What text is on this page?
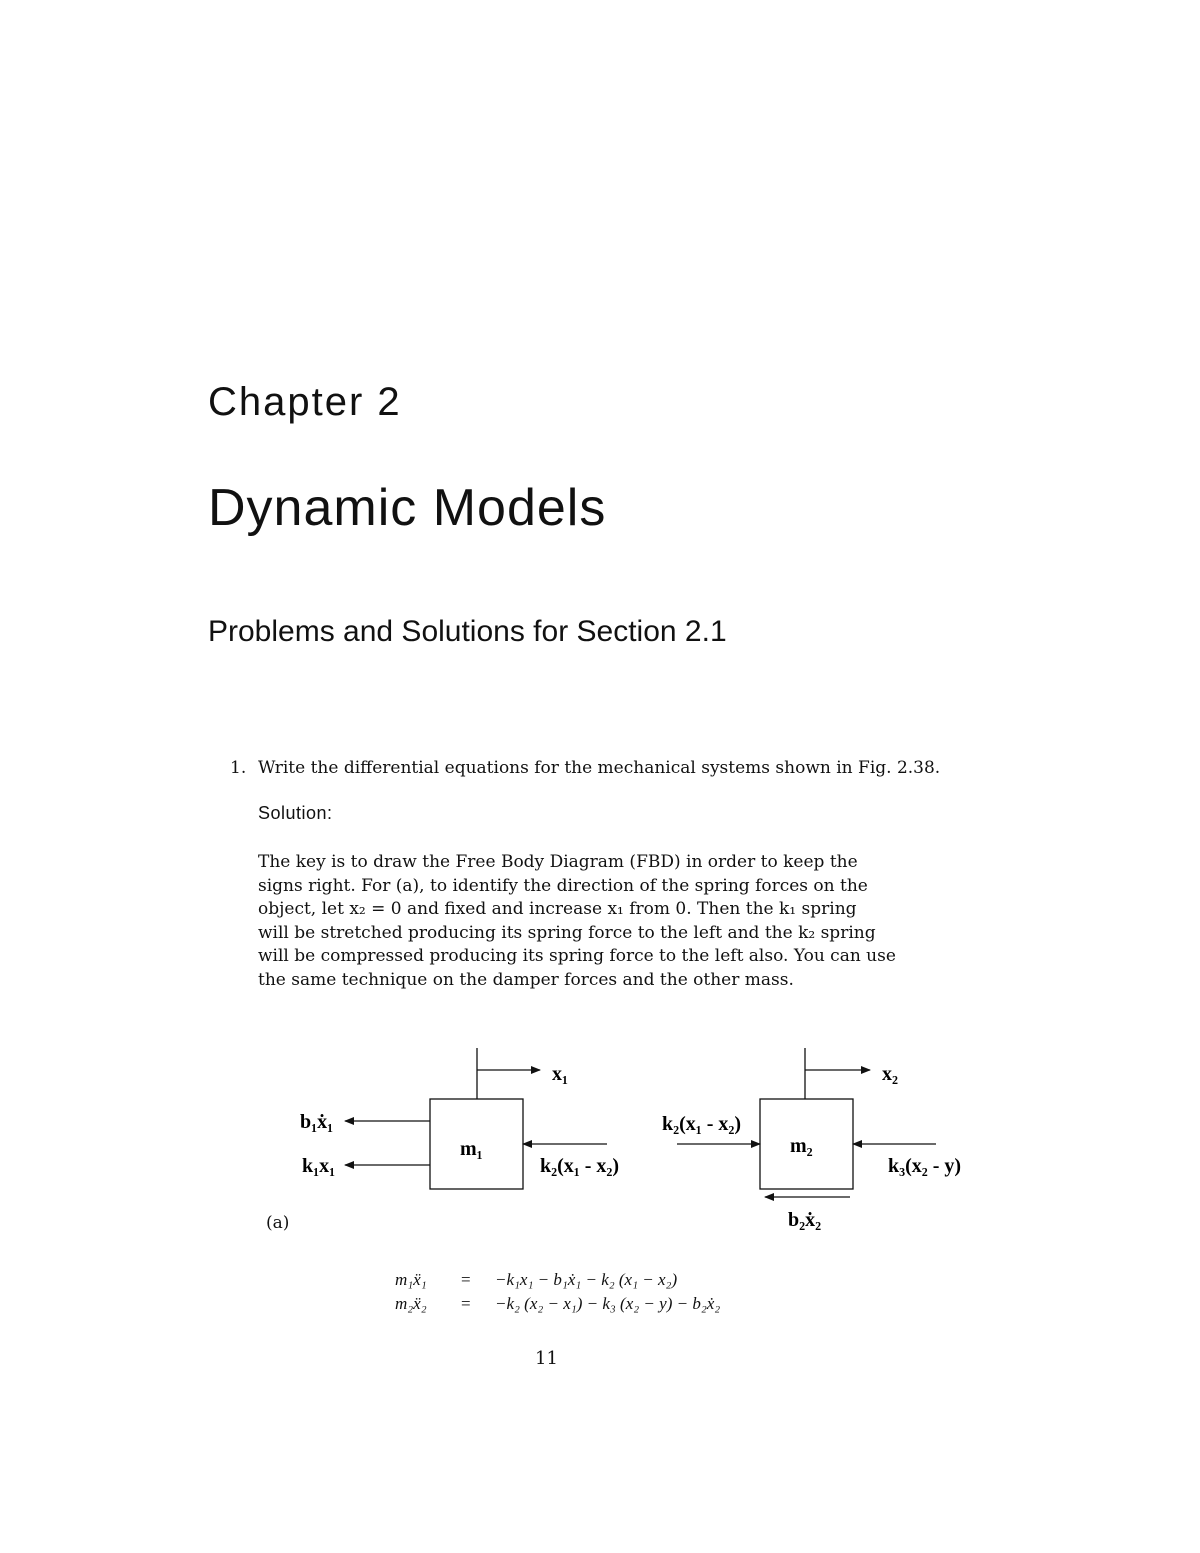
Chapter 2
Dynamic Models
Problems and Solutions for Section 2.1
1. Write the differential equations for the mechanical systems shown in Fig. 2.38.
Solution:
The key is to draw the Free Body Diagram (FBD) in order to keep the
signs right. For (a), to identify the direction of the spring forces on the
object, let x₂ = 0 and fixed and increase x₁ from 0. Then the k₁ spring
will be stretched producing its spring force to the left and the k₂ spring
will be compressed producing its spring force to the left also. You can use
the same technique on the damper forces and the other mass.
m₁
x₁
b₁ẋ₁
k₁x₁	k₂(x₁ - x₂)
m₂
x₂
k₂(x₁ - x₂)
k₃(x₂ - y)
b₂ẋ₂
(a)
m₁ẍ₁ = −k₁x₁ − b₁ẋ₁ − k₂ (x₁ − x₂)
m₂ẍ₂ = −k₂ (x₂ − x₁) − k₃ (x₂ − y) − b₂ẋ₂
11
